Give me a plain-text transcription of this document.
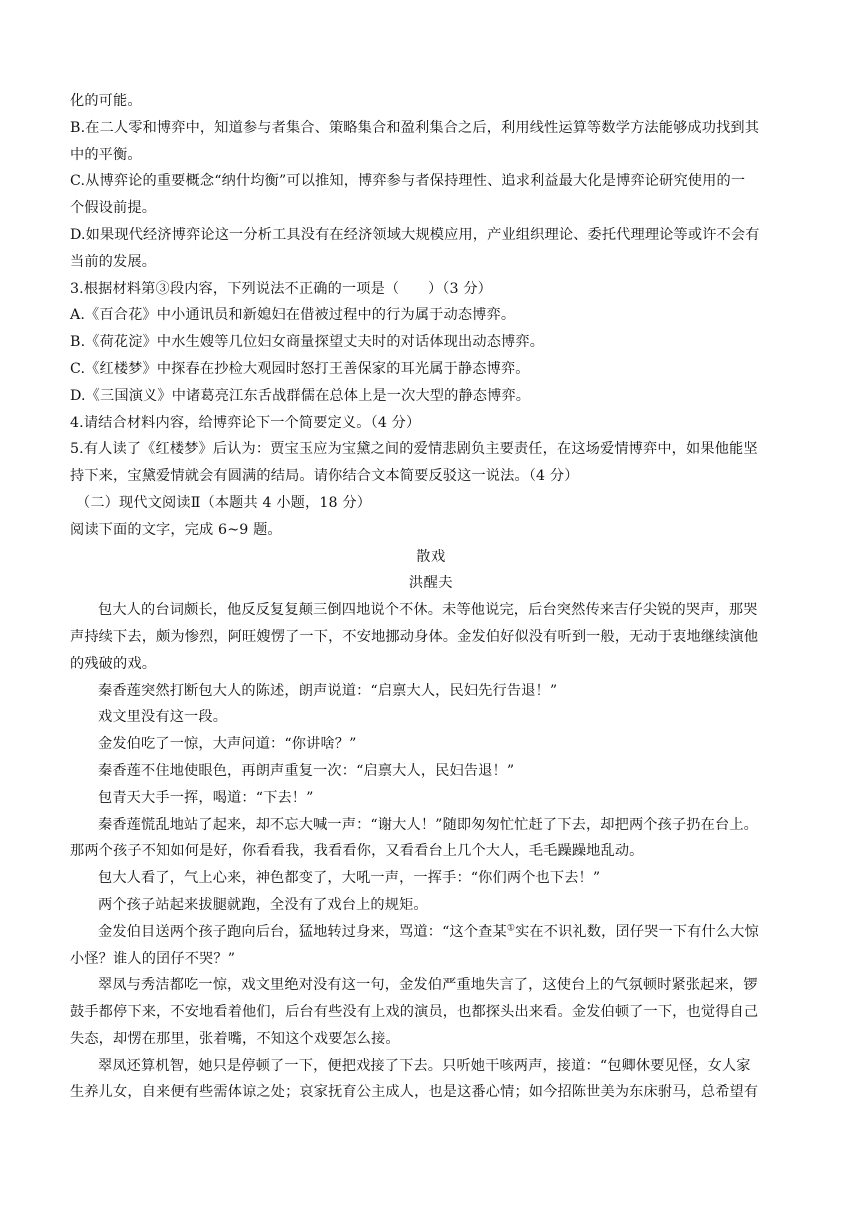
化的可能。
B.在二人零和博弈中，知道参与者集合、策略集合和盈利集合之后，利用线性运算等数学方法能够成功找到其
中的平衡。
C.从博弈论的重要概念“纳什均衡”可以推知，博弈参与者保持理性、追求利益最大化是博弈论研究使用的一
个假设前提。
D.如果现代经济博弈论这一分析工具没有在经济领域大规模应用，产业组织理论、委托代理理论等或许不会有
当前的发展。
3.根据材料第③段内容，下列说法不正确的一项是（　　）（3 分）
A.《百合花》中小通讯员和新媳妇在借被过程中的行为属于动态博弈。
B.《荷花淀》中水生嫂等几位妇女商量探望丈夫时的对话体现出动态博弈。
C.《红楼梦》中探春在抄检大观园时怒打王善保家的耳光属于静态博弈。
D.《三国演义》中诸葛亮江东舌战群儒在总体上是一次大型的静态博弈。
4.请结合材料内容，给博弈论下一个简要定义。（4 分）
5.有人读了《红楼梦》后认为：贾宝玉应为宝黛之间的爱情悲剧负主要责任，在这场爱情博弈中，如果他能坚
持下来，宝黛爱情就会有圆满的结局。请你结合文本简要反驳这一说法。（4 分）
（二）现代文阅读Ⅱ（本题共 4 小题，18 分）
阅读下面的文字，完成 6~9 题。
散戏
洪醒夫
包大人的台词颇长，他反反复复颠三倒四地说个不休。未等他说完，后台突然传来吉仔尖锐的哭声，那哭
声持续下去，颇为惨烈，阿旺嫂愣了一下，不安地挪动身体。金发伯好似没有听到一般，无动于衷地继续演他
的残破的戏。
秦香莲突然打断包大人的陈述，朗声说道：“启禀大人，民妇先行告退！”
戏文里没有这一段。
金发伯吃了一惊，大声问道：“你讲啥？”
秦香莲不住地使眼色，再朗声重复一次：“启禀大人，民妇告退！”
包青天大手一挥，喝道：“下去！”
秦香莲慌乱地站了起来，却不忘大喊一声：“谢大人！”随即匆匆忙忙赶了下去，却把两个孩子扔在台上。
那两个孩子不知如何是好，你看看我，我看看你，又看看台上几个大人，毛毛躁躁地乱动。
包大人看了，气上心来，神色都变了，大吼一声，一挥手：“你们两个也下去！”
两个孩子站起来拔腿就跑，全没有了戏台上的规矩。
金发伯目送两个孩子跑向后台，猛地转过身来，骂道：“这个查某①实在不识礼数，囝仔哭一下有什么大惊
小怪？谁人的囝仔不哭？”
翠凤与秀洁都吃一惊，戏文里绝对没有这一句，金发伯严重地失言了，这使台上的气氛顿时紧张起来，锣
鼓手都停下来，不安地看着他们，后台有些没有上戏的演员，也都探头出来看。金发伯顿了一下，也觉得自己
失态，却愣在那里，张着嘴，不知这个戏要怎么接。
翠凤还算机智，她只是停顿了一下，便把戏接了下去。只听她干咳两声，接道：“包卿休要见怪，女人家
生养儿女，自来便有些需体谅之处；哀家抚育公主成人，也是这番心情；如今招陈世美为东床驸马，总希望有
